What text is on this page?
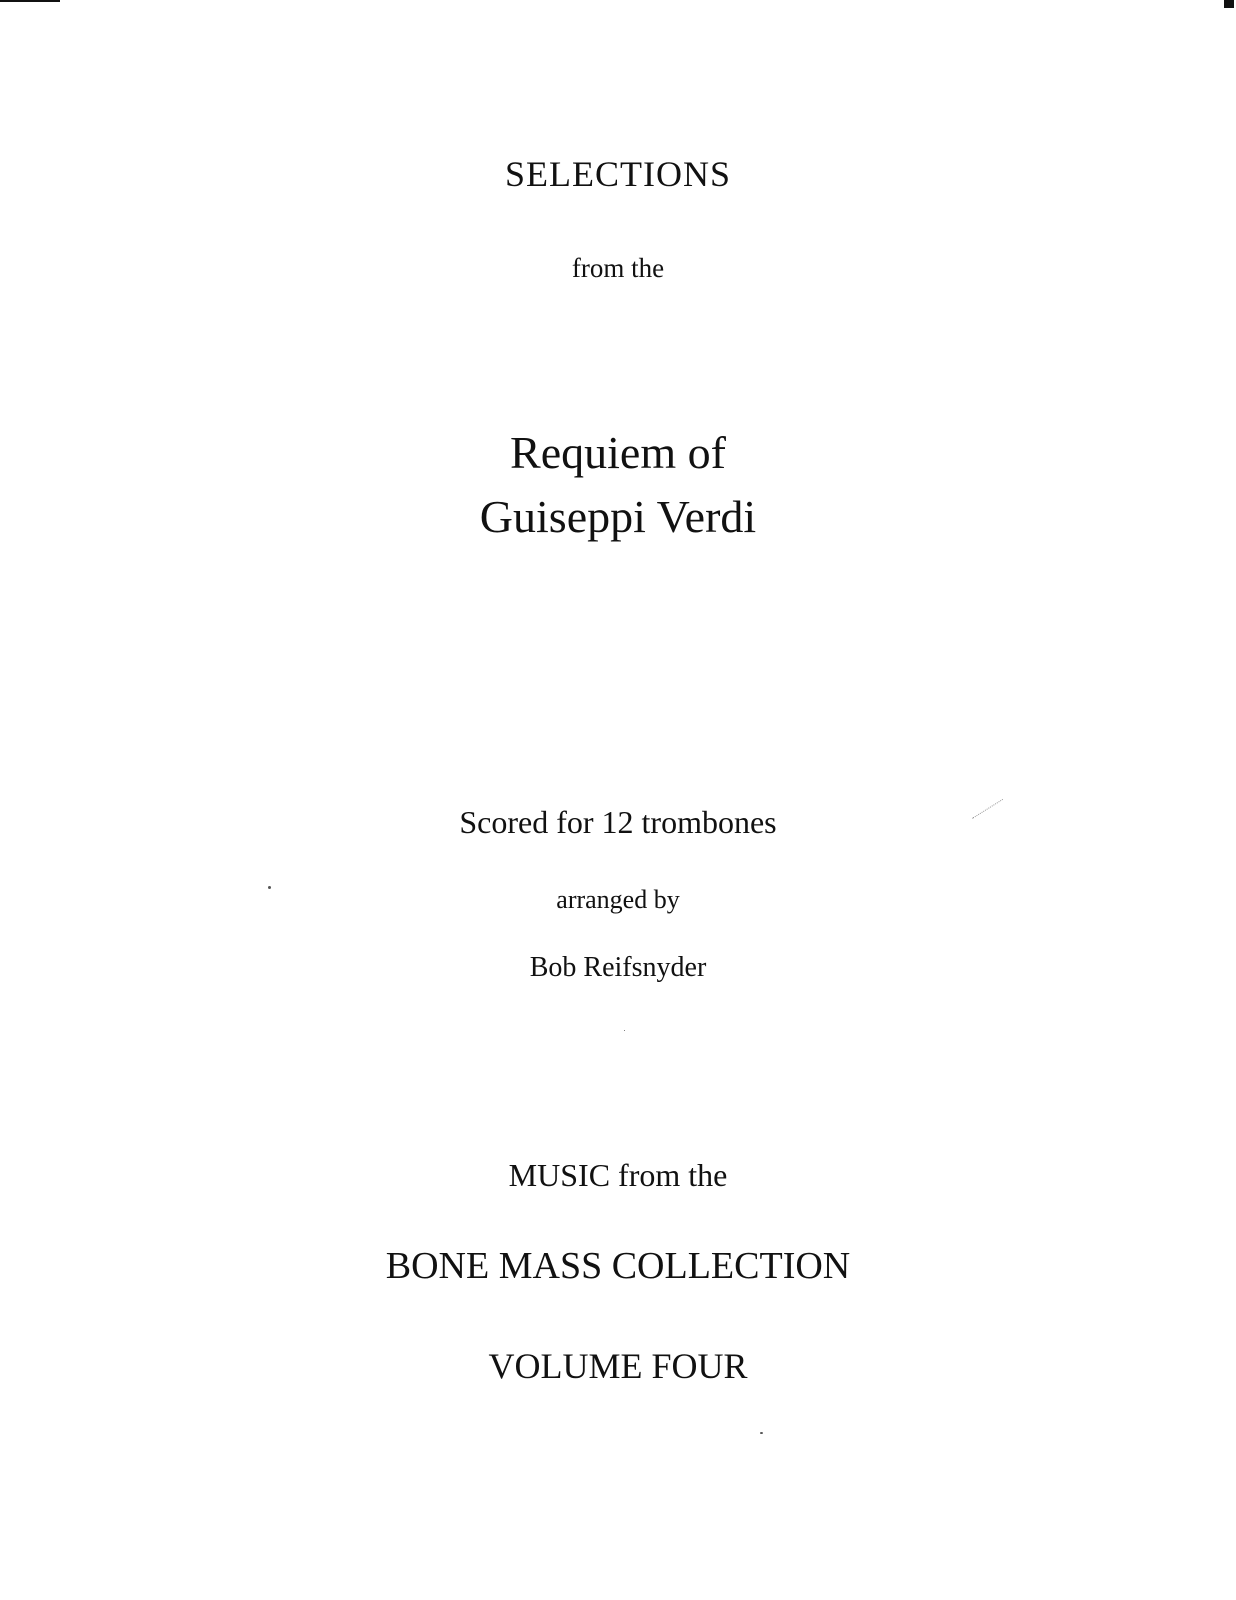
SELECTIONS
from the
Requiem of
Guiseppi Verdi
Scored for 12 trombones
arranged by
Bob Reifsnyder
MUSIC from the
BONE MASS COLLECTION
VOLUME FOUR
